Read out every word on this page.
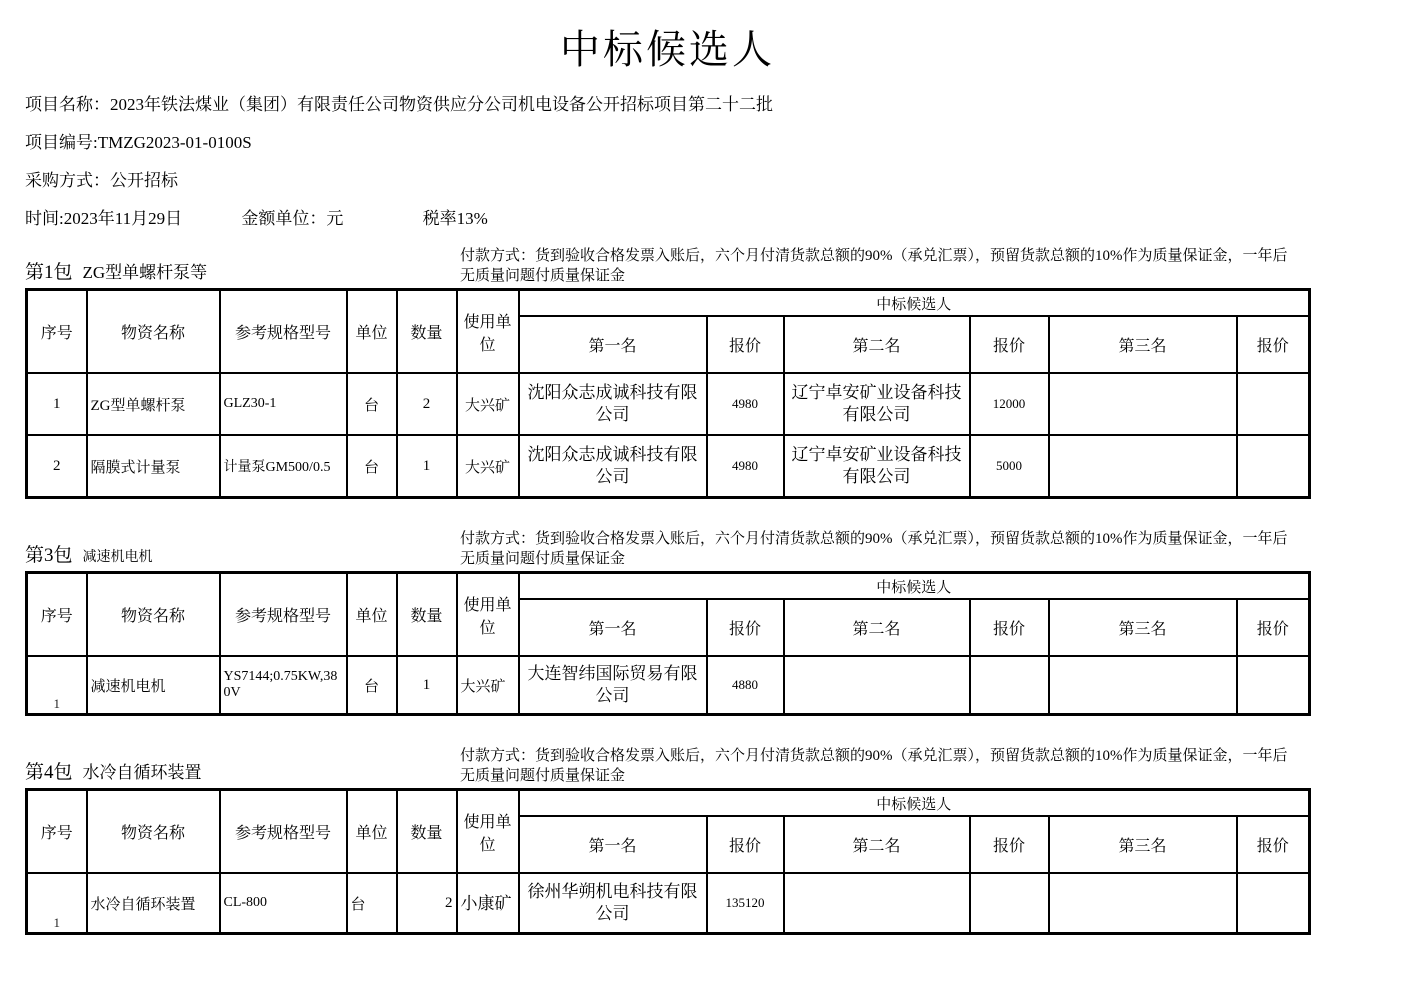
中标候选人
项目名称：2023年铁法煤业（集团）有限责任公司物资供应分公司机电设备公开招标项目第二十二批
项目编号:TMZG2023-01-0100S
采购方式：公开招标
时间:2023年11月29日	金额单位：元	税率13%
第1包 ZG型单螺杆泵等
付款方式：货到验收合格发票入账后，六个月付清货款总额的90%（承兑汇票），预留货款总额的10%作为质量保证金，一年后无质量问题付质量保证金
序号	物资名称	参考规格型号	单位	数量	使用单位	中标候选人					
						第一名	报价	第二名	报价	第三名	报价
1	ZG型单螺杆泵	GLZ30-1	台	2	大兴矿	沈阳众志成诚科技有限公司	4980	辽宁卓安矿业设备科技有限公司	12000		
2	隔膜式计量泵	计量泵GM500/0.5	台	1	大兴矿	沈阳众志成诚科技有限公司	4980	辽宁卓安矿业设备科技有限公司	5000		
第3包 减速机电机
付款方式：货到验收合格发票入账后，六个月付清货款总额的90%（承兑汇票），预留货款总额的10%作为质量保证金，一年后无质量问题付质量保证金
序号	物资名称	参考规格型号	单位	数量	使用单位	中标候选人					
						第一名	报价	第二名	报价	第三名	报价
1	减速机电机	YS7144;0.75KW,380V	台	1	大兴矿	大连智纬国际贸易有限公司	4880				
第4包 水冷自循环装置
付款方式：货到验收合格发票入账后，六个月付清货款总额的90%（承兑汇票），预留货款总额的10%作为质量保证金，一年后无质量问题付质量保证金
序号	物资名称	参考规格型号	单位	数量	使用单位	中标候选人					
						第一名	报价	第二名	报价	第三名	报价
1	水冷自循环装置	CL-800	台	2	小康矿	徐州华朔机电科技有限公司	135120				
